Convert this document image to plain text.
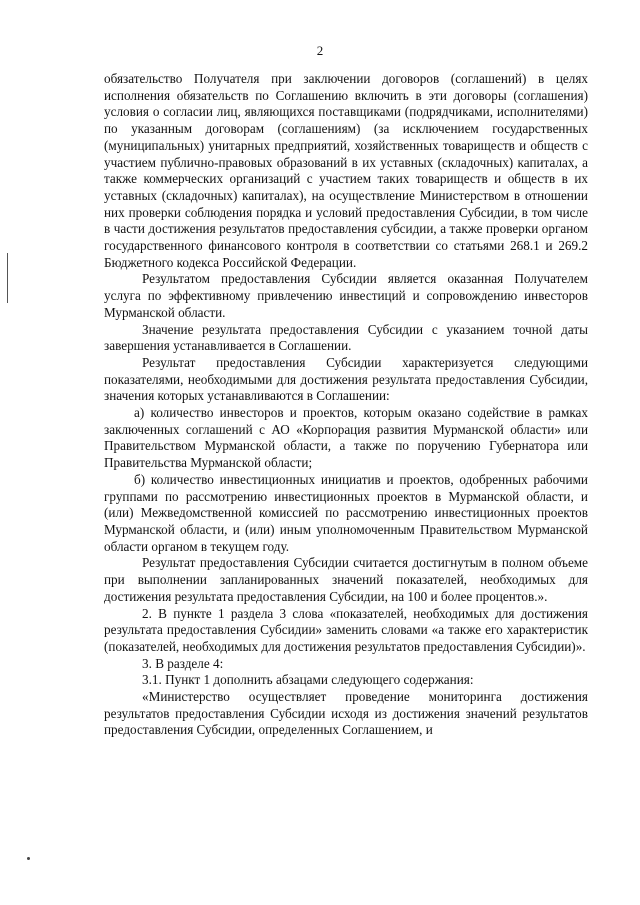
2

обязательство Получателя при заключении договоров (соглашений) в целях исполнения обязательств по Соглашению включить в эти договоры (соглашения) условия о согласии лиц, являющихся поставщиками (подрядчиками, исполнителями) по указанным договорам (соглашениям) (за исключением государственных (муниципальных) унитарных предприятий, хозяйственных товариществ и обществ с участием публично-правовых образований в их уставных (складочных) капиталах, а также коммерческих организаций с участием таких товариществ и обществ в их уставных (складочных) капиталах), на осуществление Министерством в отношении них проверки соблюдения порядка и условий предоставления Субсидии, в том числе в части достижения результатов предоставления субсидии, а также проверки органом государственного финансового контроля в соответствии со статьями 268.1 и 269.2 Бюджетного кодекса Российской Федерации.

Результатом предоставления Субсидии является оказанная Получателем услуга по эффективному привлечению инвестиций и сопровождению инвесторов Мурманской области.

Значение результата предоставления Субсидии с указанием точной даты завершения устанавливается в Соглашении.

Результат предоставления Субсидии характеризуется следующими показателями, необходимыми для достижения результата предоставления Субсидии, значения которых устанавливаются в Соглашении:

а) количество инвесторов и проектов, которым оказано содействие в рамках заключенных соглашений с АО «Корпорация развития Мурманской области» или Правительством Мурманской области, а также по поручению Губернатора или Правительства Мурманской области;

б) количество инвестиционных инициатив и проектов, одобренных рабочими группами по рассмотрению инвестиционных проектов в Мурманской области, и (или) Межведомственной комиссией по рассмотрению инвестиционных проектов Мурманской области, и (или) иным уполномоченным Правительством Мурманской области органом в текущем году.

Результат предоставления Субсидии считается достигнутым в полном объеме при выполнении запланированных значений показателей, необходимых для достижения результата предоставления Субсидии, на 100 и более процентов.».

2. В пункте 1 раздела 3 слова «показателей, необходимых для достижения результата предоставления Субсидии» заменить словами «а также его характеристик (показателей, необходимых для достижения результатов предоставления Субсидии)».

3. В разделе 4:

3.1. Пункт 1 дополнить абзацами следующего содержания:

«Министерство осуществляет проведение мониторинга достижения результатов предоставления Субсидии исходя из достижения значений результатов предоставления Субсидии, определенных Соглашением, и
